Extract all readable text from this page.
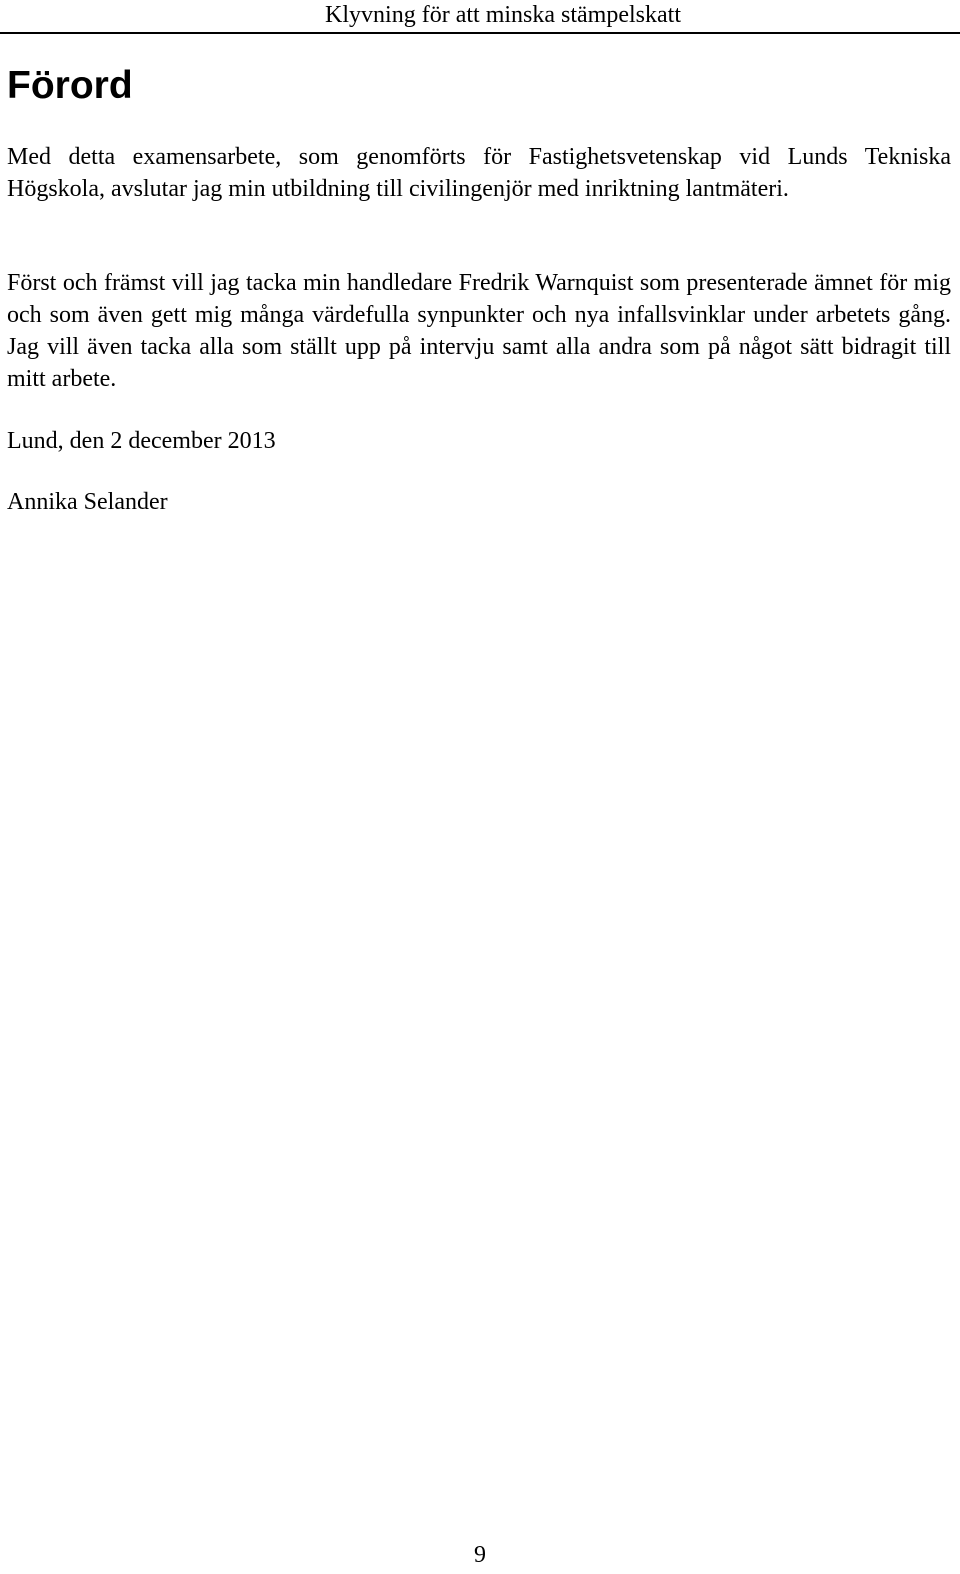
Klyvning för att minska stämpelskatt
Förord

Med detta examensarbete, som genomförts för Fastighetsvetenskap vid Lunds Tekniska Högskola, avslutar jag min utbildning till civilingenjör med inriktning lantmäteri.

Först och främst vill jag tacka min handledare Fredrik Warnquist som presenterade ämnet för mig och som även gett mig många värdefulla synpunkter och nya infallsvinklar under arbetets gång. Jag vill även tacka alla som ställt upp på intervju samt alla andra som på något sätt bidragit till mitt arbete.

Lund, den 2 december 2013

Annika Selander

9
